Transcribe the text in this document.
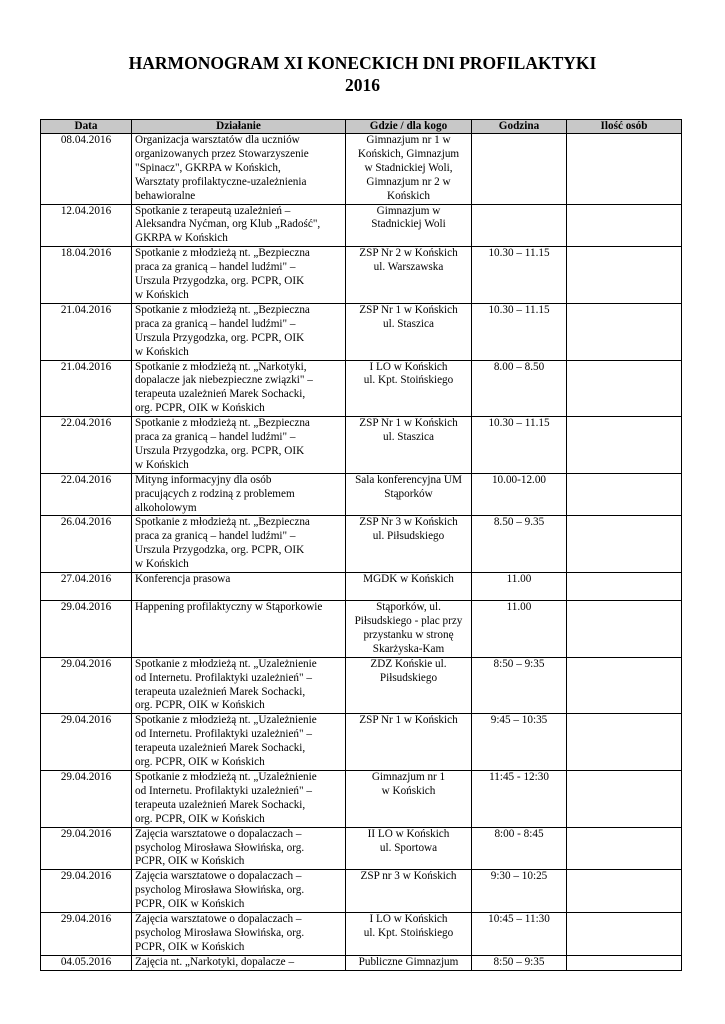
HARMONOGRAM XI KONECKICH DNI PROFILAKTYKI
2016
Data	Działanie	Gdzie / dla kogo	Godzina	Ilość osób
08.04.2016	Organizacja warsztatów dla uczniów
organizowanych przez Stowarzyszenie
"Spinacz", GKRPA w Końskich,
Warsztaty profilaktyczne-uzależnienia
behawioralne	Gimnazjum nr 1 w
Końskich, Gimnazjum
w Stadnickiej Woli,
Gimnazjum nr 2 w
Końskich		

12.04.2016	Spotkanie z terapeutą uzależnień –
Aleksandra Nyćman, org Klub „Radość",
GKRPA w Końskich	Gimnazjum w
Stadnickiej Woli		

18.04.2016	Spotkanie z młodzieżą nt. „Bezpieczna
praca za granicą – handel ludźmi" –
Urszula Przygodzka, org. PCPR, OIK
w Końskich	ZSP Nr 2 w Końskich
ul. Warszawska	10.30 – 11.15	
21.04.2016	Spotkanie z młodzieżą nt. „Bezpieczna
praca za granicą – handel ludźmi" –
Urszula Przygodzka, org. PCPR, OIK
w Końskich	ZSP Nr 1 w Końskich
ul. Staszica	10.30 – 11.15	
21.04.2016	Spotkanie z młodzieżą nt. „Narkotyki,
dopalacze jak niebezpieczne związki" –
terapeuta uzależnień Marek Sochacki,
org. PCPR, OIK w Końskich	I LO w Końskich
ul. Kpt. Stoińskiego	8.00 – 8.50	
22.04.2016	Spotkanie z młodzieżą nt. „Bezpieczna
praca za granicą – handel ludźmi" –
Urszula Przygodzka, org. PCPR, OIK
w Końskich	ZSP Nr 1 w Końskich
ul. Staszica	10.30 – 11.15	
22.04.2016	Mityng informacyjny dla osób
pracujących z rodziną z problemem
alkoholowym	Sala konferencyjna UM
Stąporków	10.00-12.00	
26.04.2016	Spotkanie z młodzieżą nt. „Bezpieczna
praca za granicą – handel ludźmi" –
Urszula Przygodzka, org. PCPR, OIK
w Końskich	ZSP Nr 3 w Końskich
ul. Piłsudskiego	8.50 – 9.35	
27.04.2016	Konferencja prasowa	MGDK w Końskich	11.00	
29.04.2016	Happening profilaktyczny w Stąporkowie	Stąporków, ul.
Piłsudskiego - plac przy
przystanku w stronę
Skarżyska-Kam	11.00	
29.04.2016	Spotkanie z młodzieżą nt. „Uzależnienie
od Internetu. Profilaktyki uzależnień" –
terapeuta uzależnień Marek Sochacki,
org. PCPR, OIK w Końskich	ZDZ Końskie ul.
Piłsudskiego	8:50 – 9:35	
29.04.2016	Spotkanie z młodzieżą nt. „Uzależnienie
od Internetu. Profilaktyki uzależnień" –
terapeuta uzależnień Marek Sochacki,
org. PCPR, OIK w Końskich	ZSP Nr 1 w Końskich	9:45 – 10:35	
29.04.2016	Spotkanie z młodzieżą nt. „Uzależnienie
od Internetu. Profilaktyki uzależnień" –
terapeuta uzależnień Marek Sochacki,
org. PCPR, OIK w Końskich	Gimnazjum nr 1
w Końskich	11:45 - 12:30	
29.04.2016	Zajęcia warsztatowe o dopalaczach –
psycholog Mirosława Słowińska, org.
PCPR, OIK w Końskich	II LO w Końskich
ul. Sportowa	8:00 - 8:45	
29.04.2016	Zajęcia warsztatowe o dopalaczach –
psycholog Mirosława Słowińska, org.
PCPR, OIK w Końskich	ZSP nr 3 w Końskich	9:30 – 10:25	
29.04.2016	Zajęcia warsztatowe o dopalaczach –
psycholog Mirosława Słowińska, org.
PCPR, OIK w Końskich	I LO w Końskich
ul. Kpt. Stoińskiego	10:45 – 11:30	
04.05.2016	Zajęcia nt. „Narkotyki, dopalacze –	Publiczne Gimnazjum	8:50 – 9:35	
